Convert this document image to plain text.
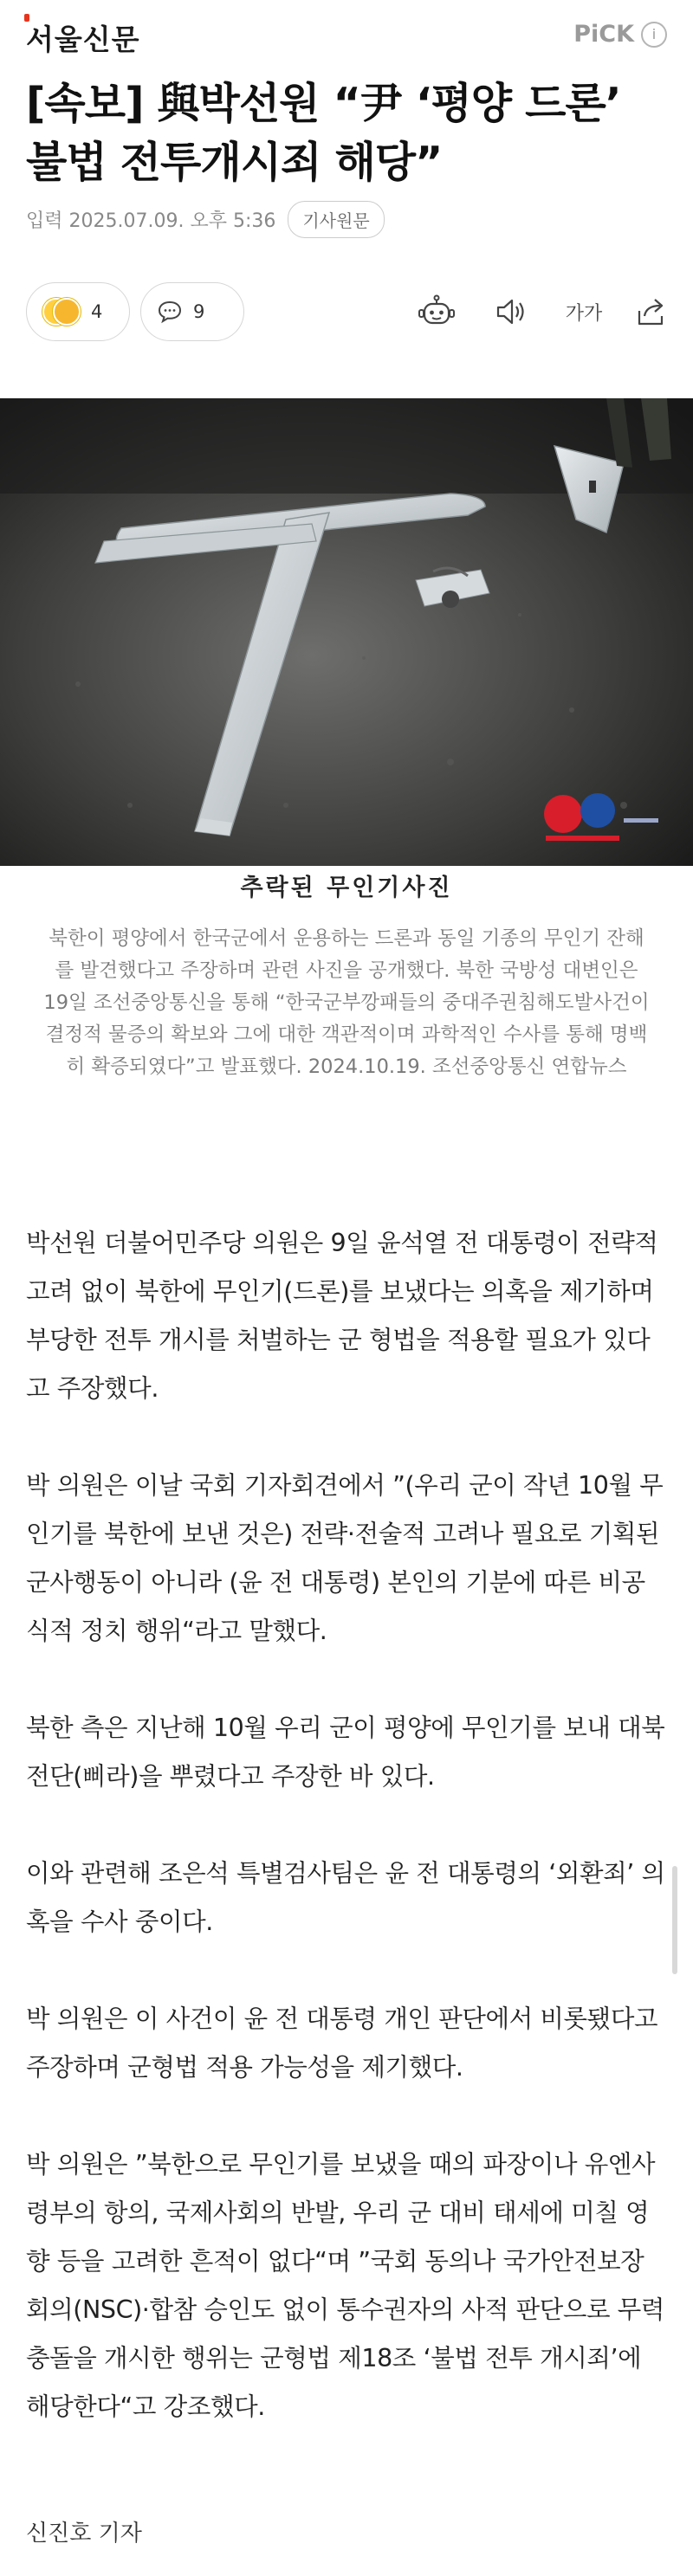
서울신문	PiCK	i
[속보] 與박선원 “尹 ‘평양 드론’ 불법 전투개시죄 해당”
입력 2025.07.09. 오후 5:36	기사원문
4	9	가가
추락된 무인기사진

북한이 평양에서 한국군에서 운용하는 드론과 동일 기종의 무인기 잔해를 발견했다고 주장하며 관련 사진을 공개했다. 북한 국방성 대변인은 19일 조선중앙통신을 통해 “한국군부깡패들의 중대주권침해도발사건이 결정적 물증의 확보와 그에 대한 객관적이며 과학적인 수사를 통해 명백히 확증되였다”고 발표했다. 2024.10.19. 조선중앙통신 연합뉴스

박선원 더불어민주당 의원은 9일 윤석열 전 대통령이 전략적 고려 없이 북한에 무인기(드론)를 보냈다는 의혹을 제기하며 부당한 전투 개시를 처벌하는 군 형법을 적용할 필요가 있다고 주장했다.

박 의원은 이날 국회 기자회견에서 ”(우리 군이 작년 10월 무인기를 북한에 보낸 것은) 전략·전술적 고려나 필요로 기획된 군사행동이 아니라 (윤 전 대통령) 본인의 기분에 따른 비공식적 정치 행위“라고 말했다.

북한 측은 지난해 10월 우리 군이 평양에 무인기를 보내 대북전단(삐라)을 뿌렸다고 주장한 바 있다.

이와 관련해 조은석 특별검사팀은 윤 전 대통령의 ‘외환죄’ 의혹을 수사 중이다.

박 의원은 이 사건이 윤 전 대통령 개인 판단에서 비롯됐다고 주장하며 군형법 적용 가능성을 제기했다.

박 의원은 ”북한으로 무인기를 보냈을 때의 파장이나 유엔사령부의 항의, 국제사회의 반발, 우리 군 대비 태세에 미칠 영향 등을 고려한 흔적이 없다“며 ”국회 동의나 국가안전보장회의(NSC)·합참 승인도 없이 통수권자의 사적 판단으로 무력 충돌을 개시한 행위는 군형법 제18조 ‘불법 전투 개시죄’에 해당한다“고 강조했다.

신진호 기자
